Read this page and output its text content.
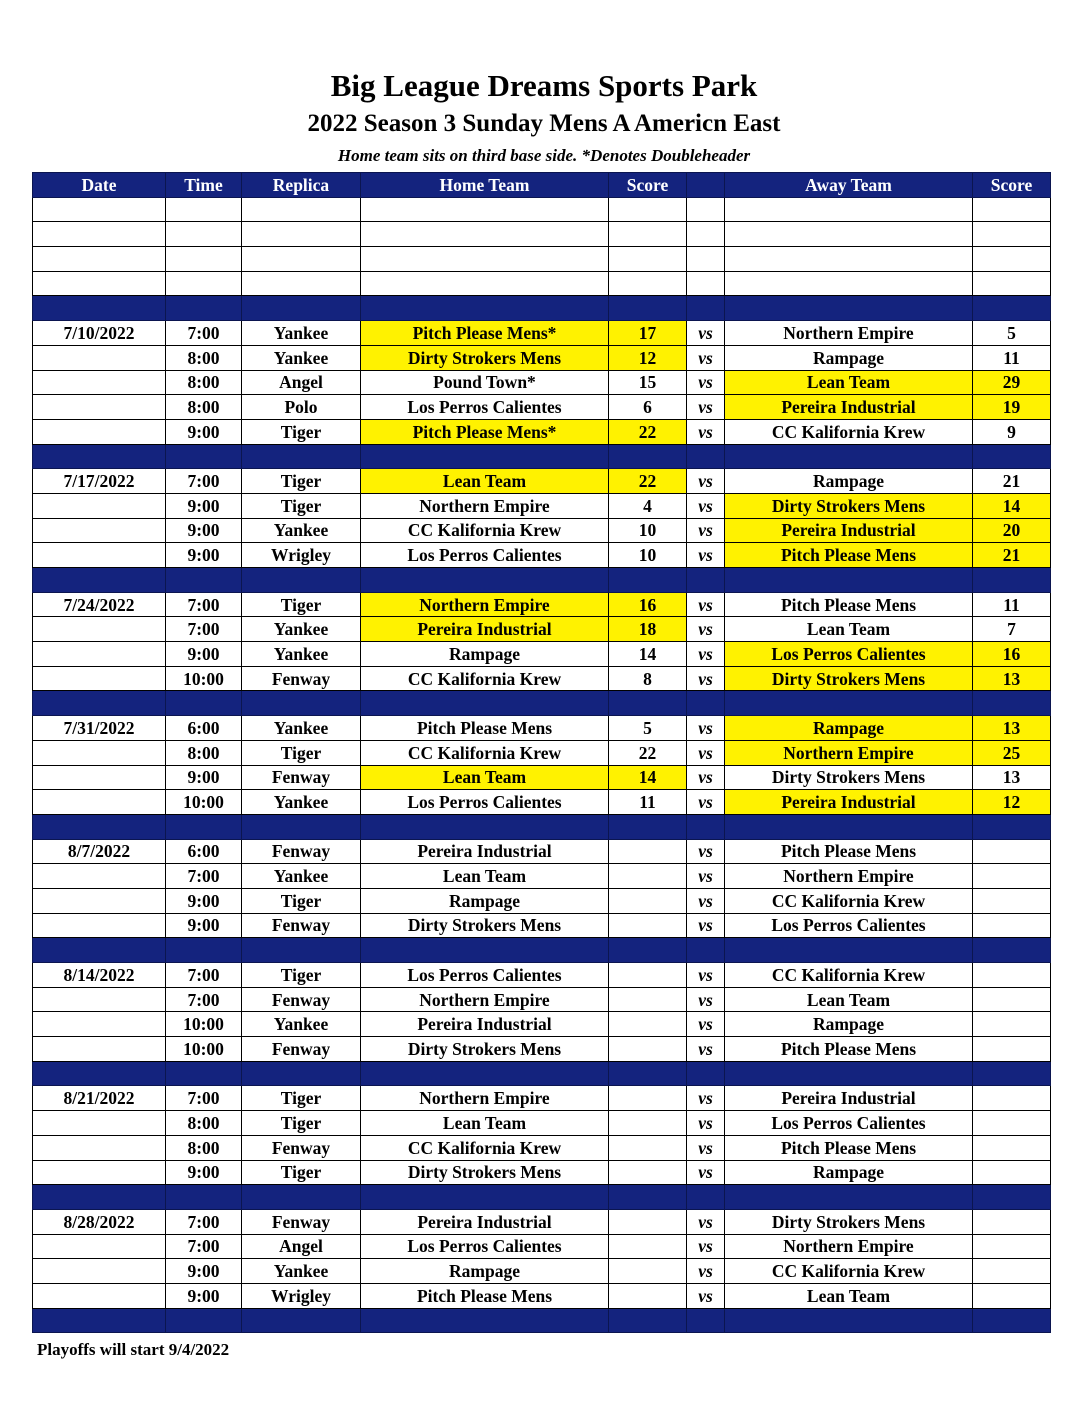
Big League Dreams Sports Park
2022 Season 3 Sunday Mens A Americn East
Home team sits on third base side. *Denotes Doubleheader
Date	Time	Replica	Home Team	Score		Away Team	Score

7/10/2022	7:00	Yankee	Pitch Please Mens*	17	vs	Northern Empire	5
	8:00	Yankee	Dirty Strokers Mens	12	vs	Rampage	11
	8:00	Angel	Pound Town*	15	vs	Lean Team	29
	8:00	Polo	Los Perros Calientes	6	vs	Pereira Industrial	19
	9:00	Tiger	Pitch Please Mens*	22	vs	CC Kalifornia Krew	9

7/17/2022	7:00	Tiger	Lean Team	22	vs	Rampage	21
	9:00	Tiger	Northern Empire	4	vs	Dirty Strokers Mens	14
	9:00	Yankee	CC Kalifornia Krew	10	vs	Pereira Industrial	20
	9:00	Wrigley	Los Perros Calientes	10	vs	Pitch Please Mens	21

7/24/2022	7:00	Tiger	Northern Empire	16	vs	Pitch Please Mens	11
	7:00	Yankee	Pereira Industrial	18	vs	Lean Team	7
	9:00	Yankee	Rampage	14	vs	Los Perros Calientes	16
	10:00	Fenway	CC Kalifornia Krew	8	vs	Dirty Strokers Mens	13

7/31/2022	6:00	Yankee	Pitch Please Mens	5	vs	Rampage	13
	8:00	Tiger	CC Kalifornia Krew	22	vs	Northern Empire	25
	9:00	Fenway	Lean Team	14	vs	Dirty Strokers Mens	13
	10:00	Yankee	Los Perros Calientes	11	vs	Pereira Industrial	12

8/7/2022	6:00	Fenway	Pereira Industrial		vs	Pitch Please Mens	
	7:00	Yankee	Lean Team		vs	Northern Empire	
	9:00	Tiger	Rampage		vs	CC Kalifornia Krew	
	9:00	Fenway	Dirty Strokers Mens		vs	Los Perros Calientes	

8/14/2022	7:00	Tiger	Los Perros Calientes		vs	CC Kalifornia Krew	
	7:00	Fenway	Northern Empire		vs	Lean Team	
	10:00	Yankee	Pereira Industrial		vs	Rampage	
	10:00	Fenway	Dirty Strokers Mens		vs	Pitch Please Mens	

8/21/2022	7:00	Tiger	Northern Empire		vs	Pereira Industrial	
	8:00	Tiger	Lean Team		vs	Los Perros Calientes	
	8:00	Fenway	CC Kalifornia Krew		vs	Pitch Please Mens	
	9:00	Tiger	Dirty Strokers Mens		vs	Rampage	

8/28/2022	7:00	Fenway	Pereira Industrial		vs	Dirty Strokers Mens	
	7:00	Angel	Los Perros Calientes		vs	Northern Empire	
	9:00	Yankee	Rampage		vs	CC Kalifornia Krew	
	9:00	Wrigley	Pitch Please Mens		vs	Lean Team	

Playoffs will start 9/4/2022
